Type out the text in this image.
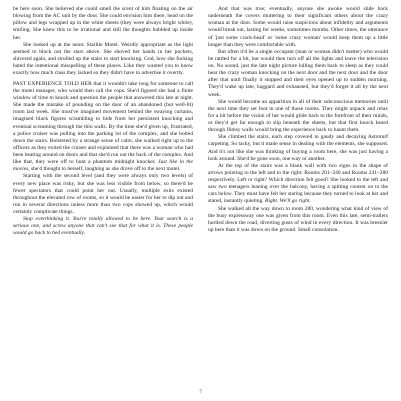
be here soon. She believed she could smell the scent of him floating on the air blowing from the AC unit by the door. She could envision him there, head on the pillow and legs wrapped up in the white sheets (they were always bright white), smiling. She knew this to be irrational and still the thoughts bubbled up inside her.

She looked up at the neon: Starlite Motel. Weirdly appropriate as the light seemed to block out the stars above. She shoved her hands in her pockets, shivered again, and strolled up the stairs to start knocking. God, how she fucking hated the intentional misspelling of these places. Like they wanted you to know exactly how much class they lacked so they didn't have to advertise it overtly.

PAST EXPERIENCE TOLD HER that it wouldn't take long for someone to call the motel manager, who would then call the cops. She'd figured she had a finite window of time to knock and question the people that answered this late at night. She made the mistake of pounding on the door of an abandoned (but well-lit) room last week. She must've imagined movement behind the swaying curtains, imagined black figures scrambling to hide from her persistent knocking and eventual screaming through the thin walls. By the time she'd given up, frustrated, a police cruiser was pulling into the parking lot of the complex, and she bolted down the stairs. Bolstered by a strange sense of calm, she walked right up to the officers as they exited the cruiser and explained that there was a woman who had been beating around on doors and that she'd run out the back of the complex. And like that, they were off to hunt a phantom midnight knocker. Just like in the movies, she'd thought to herself, laughing as she drove off to the next motel.

Starting with the second level (and they were always only two levels) of every new place was risky, but she was less visible from below, so there'd be fewer spectators that could point her out. Usually, multiple exits existed throughout the elevated row of rooms, so it would be easier for her to dip out and run in several directions unless more than two cops showed up, which would certainly complicate things.

Stop overthinking it. You're totally allowed to be here. Your search is a serious one, and screw anyone that can't see that for what it is. These people would go back to bed eventually.

And that was true; eventually, anyone she awoke would slide back underneath the covers muttering to their significant others about the crazy woman at the door. Some would raise suspicions about infidelity and arguments would break out, lasting for weeks, sometimes months. Other times, the utterance of 'just some crack-head' or 'some crazy woman' would keep them up a little longer than they were comfortable with.

But often it'd be a single occupant (man or woman didn't matter) who would be rattled for a bit, but would then turn off all the lights and leave the television on. No sound, just the late night picture lulling them back to sleep as they could hear the crazy woman knocking on the next door and the next door and the door after that until finally it stopped and their eyes opened up to sudden morning. They'd wake up late, haggard and exhausted, but they'd forget it all by the next week.

She would become an apparition in all of their subconscious memories until the next time they set foot in one of those rooms. They might unpack and relax for a bit before the vision of her would glide back to the forefront of their minds, or they'd get far enough to slip beneath the sheets, but that first knock heard through flimsy walls would bring the experience back to haunt them.

She climbed the stairs, each step covered in gaudy and decaying Astroturf carpeting. So tacky, but it made sense in dealing with the elements, she supposed. And it's not like she was thinking of buying a room here, she was just having a look around. She'd be gone soon, one way or another.

At the top of the stairs was a blank wall with two signs in the shape of arrows pointing to the left and to the right: Rooms 201–240 and Rooms 241–280 respectively. Left or right? Which direction felt good? She looked to the left and saw two teenagers leaning over the balcony, having a spitting contest on to the cars below. They must have felt her staring because they turned to look at her and stared, instantly quieting. Right. We'll go right.

She walked all the way down to room 280, wondering what kind of view of the busy expressway one was given from this room. Even this late, semi-trailers hurtled down the road, diverting gusts of wind in every direction. It was breezier up here than it was down on the ground. Small consolation.

7
